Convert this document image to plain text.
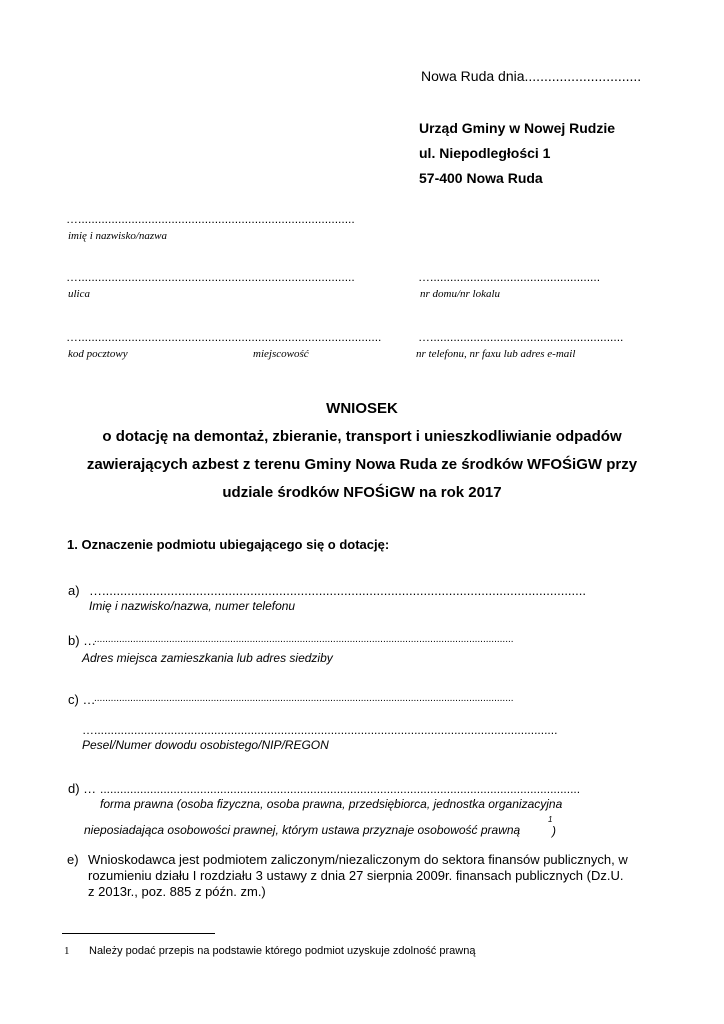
Nowa Ruda dnia..............................
Urząd Gminy w Nowej Rudzie
ul. Niepodległości 1
57-400 Nowa Ruda
…...................................................................................
imię i nazwisko/nazwa
…...................................................................................
ulica
…...................................................
nr domu/nr lokalu
…...........................................................................................
kod pocztowy	miejscowość
…..........................................................
nr telefonu, nr faxu lub adres e-mail
WNIOSEK
o dotację na demontaż, zbieranie, transport i unieszkodliwianie odpadów
zawierających azbest z terenu Gminy Nowa Ruda ze środków WFOŚiGW przy
udziale środków NFOŚiGW na rok 2017
1. Oznaczenie podmiotu ubiegającego się o dotację:
a) …......................................................................................................................................
Imię i nazwisko/nazwa, numer telefonu
b) …
.......................................................................................................................................................
Adres miejsca zamieszkania lub adres siedziby
c) …
.......................................................................................................................................................
…...........................................................................................................................................
Pesel/Numer dowodu osobistego/NIP/REGON
d) … ................................................................................................................................................
forma prawna (osoba fizyczna, osoba prawna, przedsiębiorca, jednostka organizacyjna
1
nieposiadająca osobowości prawnej, którym ustawa przyznaje osobowość prawną	)
e) Wnioskodawca jest podmiotem zaliczonym/niezaliczonym do sektora finansów publicznych, w
rozumieniu działu I rozdziału 3 ustawy z dnia 27 sierpnia 2009r. finansach publicznych (Dz.U.
z 2013r., poz. 885 z późn. zm.)
1 Należy podać przepis na podstawie którego podmiot uzyskuje zdolność prawną
